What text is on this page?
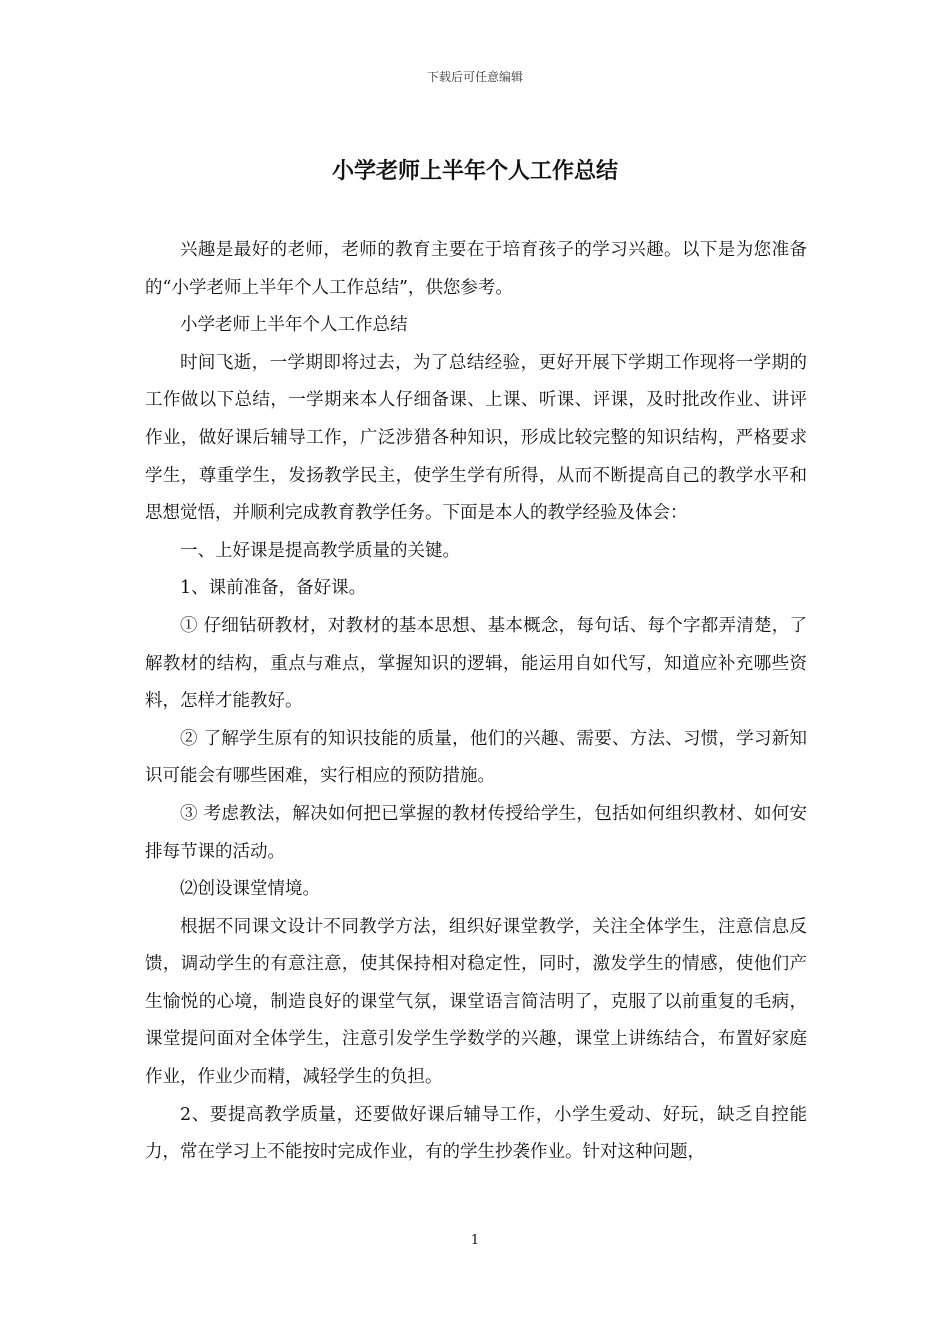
下载后可任意编辑
小学老师上半年个人工作总结

兴趣是最好的老师，老师的教育主要在于培育孩子的学习兴趣。以下是为您准备的“小学老师上半年个人工作总结”，供您参考。

小学老师上半年个人工作总结

时间飞逝，一学期即将过去，为了总结经验，更好开展下学期工作现将一学期的工作做以下总结，一学期来本人仔细备课、上课、听课、评课，及时批改作业、讲评作业，做好课后辅导工作，广泛涉猎各种知识，形成比较完整的知识结构，严格要求学生，尊重学生，发扬教学民主，使学生学有所得，从而不断提高自己的教学水平和思想觉悟，并顺利完成教育教学任务。下面是本人的教学经验及体会：

一、上好课是提高教学质量的关键。

1、课前准备，备好课。

① 仔细钻研教材，对教材的基本思想、基本概念，每句话、每个字都弄清楚，了解教材的结构，重点与难点，掌握知识的逻辑，能运用自如代写，知道应补充哪些资料，怎样才能教好。

② 了解学生原有的知识技能的质量，他们的兴趣、需要、方法、习惯，学习新知识可能会有哪些困难，实行相应的预防措施。

③ 考虑教法，解决如何把已掌握的教材传授给学生，包括如何组织教材、如何安排每节课的活动。

⑵创设课堂情境。

根据不同课文设计不同教学方法，组织好课堂教学，关注全体学生，注意信息反馈，调动学生的有意注意，使其保持相对稳定性，同时，激发学生的情感，使他们产生愉悦的心境，制造良好的课堂气氛，课堂语言简洁明了，克服了以前重复的毛病，课堂提问面对全体学生，注意引发学生学数学的兴趣，课堂上讲练结合，布置好家庭作业，作业少而精，减轻学生的负担。

2、要提高教学质量，还要做好课后辅导工作，小学生爱动、好玩，缺乏自控能力，常在学习上不能按时完成作业，有的学生抄袭作业。针对这种问题，

1
